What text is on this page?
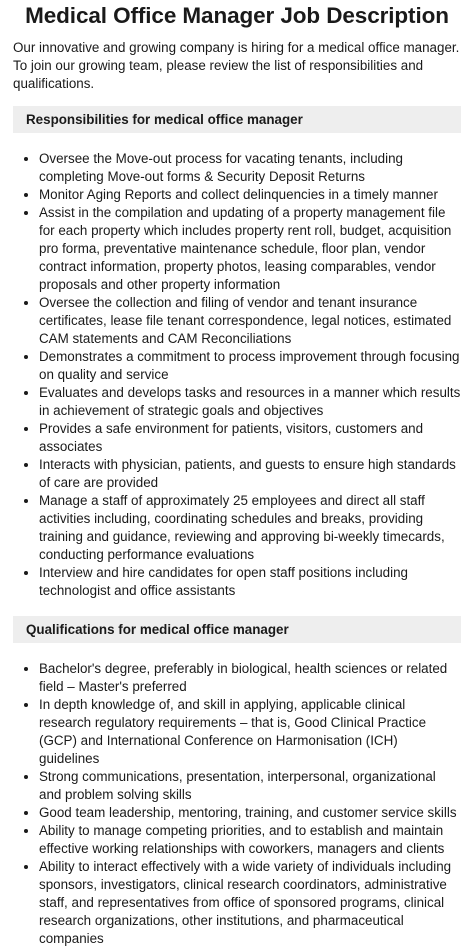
Medical Office Manager Job Description

Our innovative and growing company is hiring for a medical office manager. To join our growing team, please review the list of responsibilities and qualifications.

Responsibilities for medical office manager
• Oversee the Move-out process for vacating tenants, including completing Move-out forms & Security Deposit Returns
• Monitor Aging Reports and collect delinquencies in a timely manner
• Assist in the compilation and updating of a property management file for each property which includes property rent roll, budget, acquisition pro forma, preventative maintenance schedule, floor plan, vendor contract information, property photos, leasing comparables, vendor proposals and other property information
• Oversee the collection and filing of vendor and tenant insurance certificates, lease file tenant correspondence, legal notices, estimated CAM statements and CAM Reconciliations
• Demonstrates a commitment to process improvement through focusing on quality and service
• Evaluates and develops tasks and resources in a manner which results in achievement of strategic goals and objectives
• Provides a safe environment for patients, visitors, customers and associates
• Interacts with physician, patients, and guests to ensure high standards of care are provided
• Manage a staff of approximately 25 employees and direct all staff activities including, coordinating schedules and breaks, providing training and guidance, reviewing and approving bi-weekly timecards, conducting performance evaluations
• Interview and hire candidates for open staff positions including technologist and office assistants
Qualifications for medical office manager
• Bachelor's degree, preferably in biological, health sciences or related field – Master's preferred
• In depth knowledge of, and skill in applying, applicable clinical research regulatory requirements – that is, Good Clinical Practice (GCP) and International Conference on Harmonisation (ICH) guidelines
• Strong communications, presentation, interpersonal, organizational and problem solving skills
• Good team leadership, mentoring, training, and customer service skills
• Ability to manage competing priorities, and to establish and maintain effective working relationships with coworkers, managers and clients
• Ability to interact effectively with a wide variety of individuals including sponsors, investigators, clinical research coordinators, administrative staff, and representatives from office of sponsored programs, clinical research organizations, other institutions, and pharmaceutical companies
